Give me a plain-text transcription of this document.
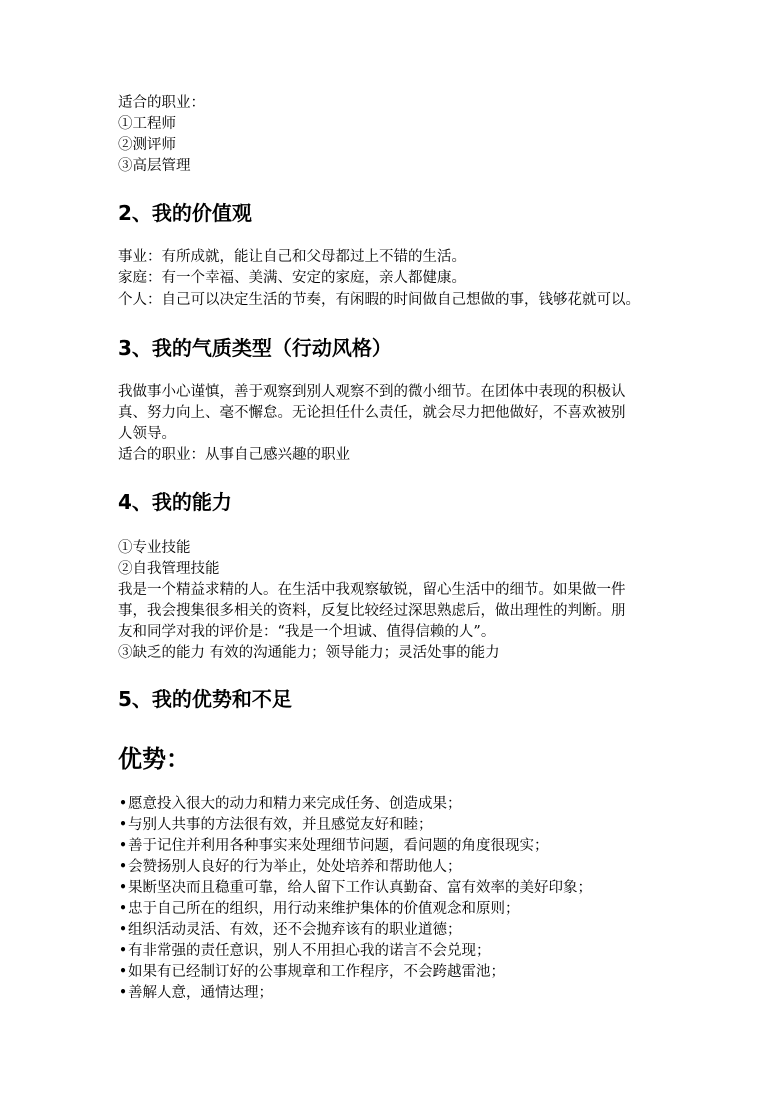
适合的职业：
①工程师
②测评师
③高层管理
2、我的价值观
事业：有所成就，能让自己和父母都过上不错的生活。
家庭：有一个幸福、美满、安定的家庭，亲人都健康。
个人：自己可以决定生活的节奏，有闲暇的时间做自己想做的事，钱够花就可以。
3、我的气质类型（行动风格）
我做事小心谨慎，善于观察到别人观察不到的微小细节。在团体中表现的积极认
真、努力向上、毫不懈怠。无论担任什么责任，就会尽力把他做好，不喜欢被别
人领导。
适合的职业：从事自己感兴趣的职业
4、我的能力
①专业技能
②自我管理技能
我是一个精益求精的人。在生活中我观察敏锐，留心生活中的细节。如果做一件
事，我会搜集很多相关的资料，反复比较经过深思熟虑后，做出理性的判断。朋
友和同学对我的评价是：“我是一个坦诚、值得信赖的人”。
③缺乏的能力 有效的沟通能力；领导能力；灵活处事的能力
5、我的优势和不足
优势：
•愿意投入很大的动力和精力来完成任务、创造成果；
•与别人共事的方法很有效，并且感觉友好和睦；
•善于记住并利用各种事实来处理细节问题，看问题的角度很现实；
•会赞扬别人良好的行为举止，处处培养和帮助他人；
•果断坚决而且稳重可靠，给人留下工作认真勤奋、富有效率的美好印象；
•忠于自己所在的组织，用行动来维护集体的价值观念和原则；
•组织活动灵活、有效，还不会抛弃该有的职业道德；
•有非常强的责任意识，别人不用担心我的诺言不会兑现；
•如果有已经制订好的公事规章和工作程序，不会跨越雷池；
•善解人意，通情达理；
